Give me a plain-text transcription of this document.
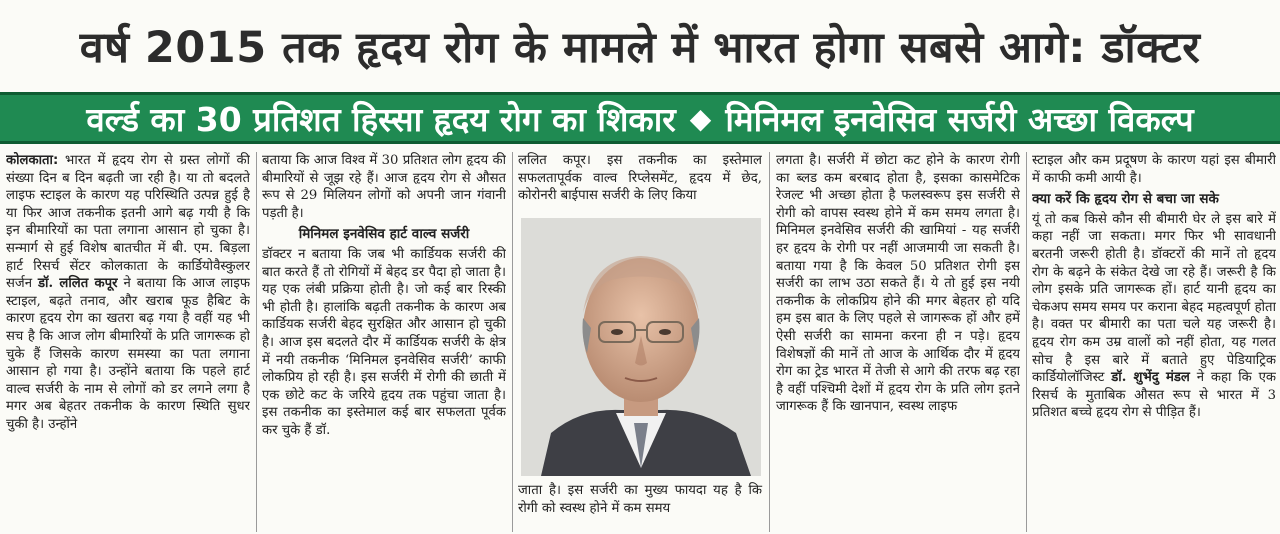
वर्ष 2015 तक हृदय रोग के मामले में भारत होगा सबसे आगे: डॉक्टर
वर्ल्ड का 30 प्रतिशत हिस्सा हृदय रोग का शिकार ◆ मिनिमल इनवेसिव सर्जरी अच्छा विकल्प

कोलकाता: भारत में हृदय रोग से ग्रस्त लोगों की संख्या दिन ब दिन बढ़ती जा रही है। या तो बदलते लाइफ स्टाइल के कारण यह परिस्थिति उत्पन्न हुई है या फिर आज तकनीक इतनी आगे बढ़ गयी है कि इन बीमारियों का पता लगाना आसान हो चुका है। सन्मार्ग से हुई विशेष बातचीत में बी. एम. बिड़ला हार्ट रिसर्च सेंटर कोलकाता के कार्डियोवैस्कुलर सर्जन डॉ. ललित कपूर ने बताया कि आज लाइफ स्टाइल, बढ़ते तनाव, और खराब फूड हैबिट के कारण हृदय रोग का खतरा बढ़ गया है वहीं यह भी सच है कि आज लोग बीमारियों के प्रति जागरूक हो चुके हैं जिसके कारण समस्या का पता लगाना आसान हो गया है। उन्होंने बताया कि पहले हार्ट वाल्व सर्जरी के नाम से लोगों को डर लगने लगा है मगर अब बेहतर तकनीक के कारण स्थिति सुधर चुकी है। उन्होंने

बताया कि आज विश्व में 30 प्रतिशत लोग हृदय की बीमारियों से जूझ रहे हैं। आज हृदय रोग से औसत रूप से 29 मिलियन लोगों को अपनी जान गंवानी पड़ती है।

मिनिमल इनवेसिव हार्ट वाल्व सर्जरी

डॉक्टर न बताया कि जब भी कार्डियक सर्जरी की बात करते हैं तो रोगियों में बेहद डर पैदा हो जाता है। यह एक लंबी प्रक्रिया होती है। जो कई बार रिस्की भी होती है। हालांकि बढ़ती तकनीक के कारण अब कार्डियक सर्जरी बेहद सुरक्षित और आसान हो चुकी है। आज इस बदलते दौर में कार्डियक सर्जरी के क्षेत्र में नयी तकनीक ‘मिनिमल इनवेसिव सर्जरी’ काफी लोकप्रिय हो रही है। इस सर्जरी में रोगी की छाती में एक छोटे कट के जरिये हृदय तक पहुंचा जाता है। इस तकनीक का इस्तेमाल कई बार सफलता पूर्वक कर चुके हैं डॉ.

ललित कपूर। इस तकनीक का इस्तेमाल सफलतापूर्वक वाल्व रिप्लेसमेंट, हृदय में छेद, कोरोनरी बाईपास सर्जरी के लिए किया

जाता है। इस सर्जरी का मुख्य फायदा यह है कि रोगी को स्वस्थ होने में कम समय

लगता है। सर्जरी में छोटा कट होने के कारण रोगी का ब्लड कम बरबाद होता है, इसका कासमेटिक रेजल्ट भी अच्छा होता है फलस्वरूप इस सर्जरी से रोगी को वापस स्वस्थ होने में कम समय लगता है। मिनिमल इनवेसिव सर्जरी की खामियां - यह सर्जरी हर हृदय के रोगी पर नहीं आजमायी जा सकती है। बताया गया है कि केवल 50 प्रतिशत रोगी इस सर्जरी का लाभ उठा सकते हैं। ये तो हुई इस नयी तकनीक के लोकप्रिय होने की मगर बेहतर हो यदि हम इस बात के लिए पहले से जागरूक हों और हमें ऐसी सर्जरी का सामना करना ही न पड़े। हृदय विशेषज्ञों की मानें तो आज के आर्थिक दौर में हृदय रोग का ट्रेड भारत में तेजी से आगे की तरफ बढ़ रहा है वहीं पश्चिमी देशों में हृदय रोग के प्रति लोग इतने जागरूक हैं कि खानपान, स्वस्थ लाइफ

स्टाइल और कम प्रदूषण के कारण यहां इस बीमारी में काफी कमी आयी है।

क्या करें कि हृदय रोग से बचा जा सके

यूं तो कब किसे कौन सी बीमारी घेर ले इस बारे में कहा नहीं जा सकता। मगर फिर भी सावधानी बरतनी जरूरी होती है। डॉक्टरों की मानें तो हृदय रोग के बढ़ने के संकेत देखे जा रहे हैं। जरूरी है कि लोग इसके प्रति जागरूक हों। हार्ट यानी हृदय का चेकअप समय समय पर कराना बेहद महत्वपूर्ण होता है। वक्त पर बीमारी का पता चले यह जरूरी है। हृदय रोग कम उम्र वालों को नहीं होता, यह गलत सोच है इस बारे में बताते हुए पेडियाट्रिक कार्डियोलॉजिस्ट डॉ. शुभेंदु मंडल ने कहा कि एक रिसर्च के मुताबिक औसत रूप से भारत में 3 प्रतिशत बच्चे हृदय रोग से पीड़ित हैं।
